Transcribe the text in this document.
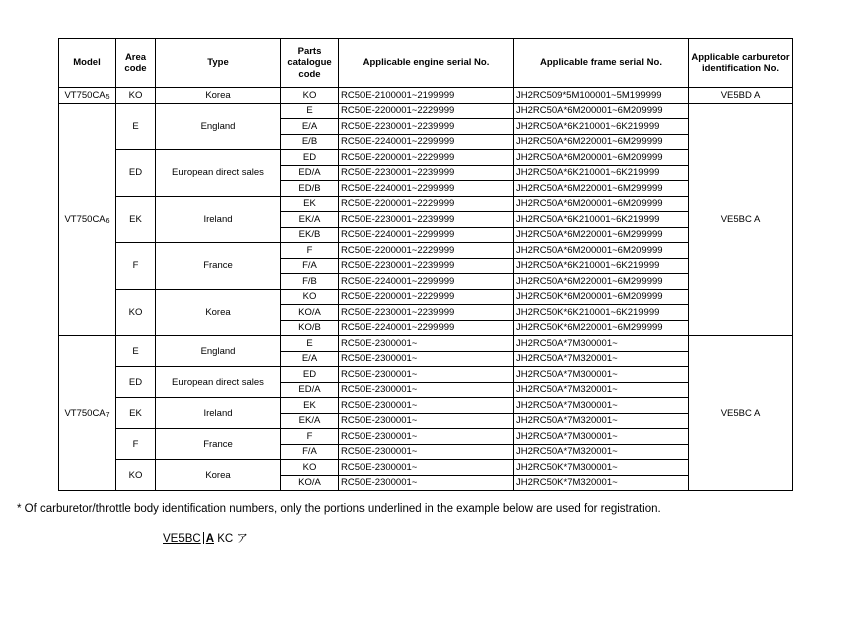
Model	Area code	Type	Parts catalogue code	Applicable engine serial No.	Applicable frame serial No.	Applicable carburetor identification No.
VT750CA5	KO	Korea	KO	RC50E-2100001~2199999	JH2RC509*5M100001~5M199999	VE5BD A
VT750CA6	E	England	E	RC50E-2200001~2229999	JH2RC50A*6M200001~6M209999	VE5BC A
			E/A	RC50E-2230001~2239999	JH2RC50A*6K210001~6K219999	
			E/B	RC50E-2240001~2299999	JH2RC50A*6M220001~6M299999	
	ED	European direct sales	ED	RC50E-2200001~2229999	JH2RC50A*6M200001~6M209999	
			ED/A	RC50E-2230001~2239999	JH2RC50A*6K210001~6K219999	
			ED/B	RC50E-2240001~2299999	JH2RC50A*6M220001~6M299999	
	EK	Ireland	EK	RC50E-2200001~2229999	JH2RC50A*6M200001~6M209999	
			EK/A	RC50E-2230001~2239999	JH2RC50A*6K210001~6K219999	
			EK/B	RC50E-2240001~2299999	JH2RC50A*6M220001~6M299999	
	F	France	F	RC50E-2200001~2229999	JH2RC50A*6M200001~6M209999	
			F/A	RC50E-2230001~2239999	JH2RC50A*6K210001~6K219999	
			F/B	RC50E-2240001~2299999	JH2RC50A*6M220001~6M299999	
	KO	Korea	KO	RC50E-2200001~2229999	JH2RC50K*6M200001~6M209999	
			KO/A	RC50E-2230001~2239999	JH2RC50K*6K210001~6K219999	
			KO/B	RC50E-2240001~2299999	JH2RC50K*6M220001~6M299999	
VT750CA7	E	England	E	RC50E-2300001~	JH2RC50A*7M300001~	VE5BC A
			E/A	RC50E-2300001~	JH2RC50A*7M320001~	
	ED	European direct sales	ED	RC50E-2300001~	JH2RC50A*7M300001~	
			ED/A	RC50E-2300001~	JH2RC50A*7M320001~	
	EK	Ireland	EK	RC50E-2300001~	JH2RC50A*7M300001~	
			EK/A	RC50E-2300001~	JH2RC50A*7M320001~	
	F	France	F	RC50E-2300001~	JH2RC50A*7M300001~	
			F/A	RC50E-2300001~	JH2RC50A*7M320001~	
	KO	Korea	KO	RC50E-2300001~	JH2RC50K*7M300001~	
			KO/A	RC50E-2300001~	JH2RC50K*7M320001~	
* Of carburetor/throttle body identification numbers, only the portions underlined in the example below are used for registration.
VE5BC A KC ア
